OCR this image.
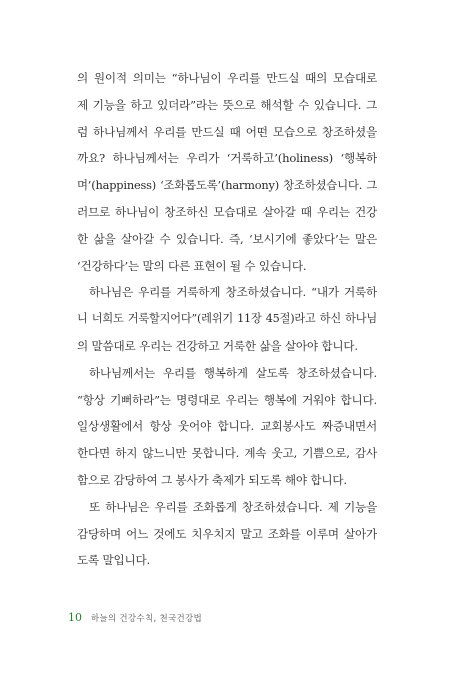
의 원이적 의미는 “하나님이 우리를 만드실 때의 모습대로
제 기능을 하고 있더라”라는 뜻으로 해석할 수 있습니다. 그
럼 하나님께서 우리를 만드실 때 어떤 모습으로 창조하셨을
까요? 하나님께서는 우리가 ‘거룩하고’(holiness) ‘행복하
며’(happiness) ‘조화롭도록’(harmony) 창조하셨습니다. 그
러므로 하나님이 창조하신 모습대로 살아갈 때 우리는 건강
한 삶을 살아갈 수 있습니다. 즉, ‘보시기에 좋았다’는 말은
‘건강하다’는 말의 다른 표현이 될 수 있습니다.
하나님은 우리를 거룩하게 창조하셨습니다. “내가 거룩하
니 너희도 거룩할지어다”(레위기 11장 45절)라고 하신 하나님
의 말씀대로 우리는 건강하고 거룩한 삶을 살아야 합니다.
하나님께서는 우리를 행복하게 살도록 창조하셨습니다.
“항상 기뻐하라”는 명령대로 우리는 행복에 거워야 합니다.
일상생활에서 항상 웃어야 합니다. 교회봉사도 짜증내면서
한다면 하지 않느니만 못합니다. 계속 웃고, 기쁨으로, 감사
함으로 감당하여 그 봉사가 축제가 되도록 해야 합니다.
또 하나님은 우리를 조화롭게 창조하셨습니다. 제 기능을
감당하며 어느 것에도 치우치지 말고 조화를 이루며 살아가
도록 말입니다.
10 하늘의 건강수칙, 천국건강법
